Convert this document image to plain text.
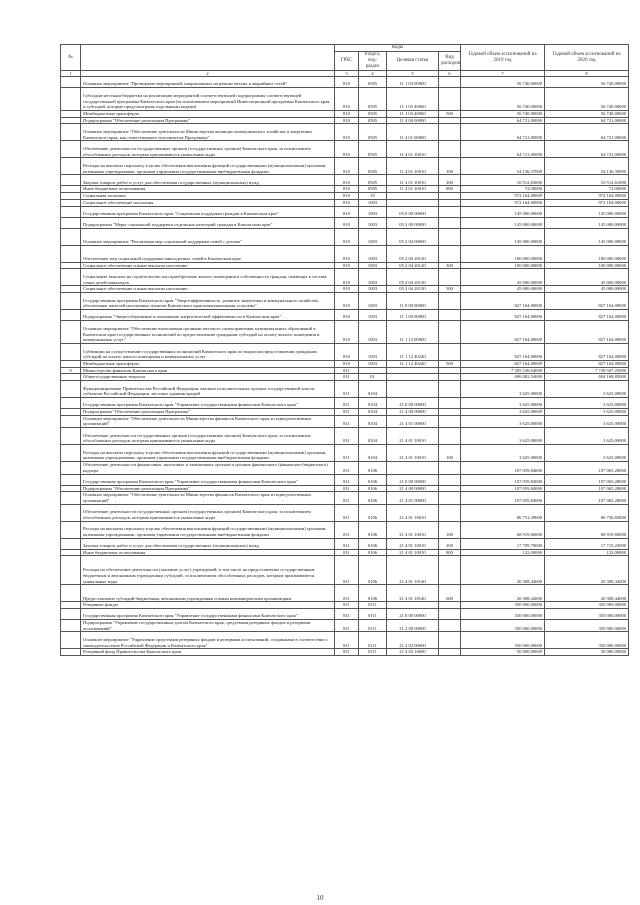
№		Коды				Годовой объем ассигнований на 2019 год	Годовой объем ассигнований на 2020 год
		ГРБС	Раздел, под-раздел	Целевая статья	Вид расходов		
1	2	3	4	5	6	7	8
	Основное мероприятие "Проведение мероприятий, направленных на ремонт ветхих и аварийных сетей"	810	0505	11 1 03 00000		56 740,00000	56 740,00000
	Субсидии местным бюджетам на реализацию мероприятий соответствующей подпрограммы соответствующей государственной программы Камчатского края (за исключением мероприятий Инвестиционной программы Камчатского края и субсидий, которые предусмотрены отдельными кодами)	810	0505	11 1 03 40060		56 740,00000	56 740,00000
	Межбюджетные трансферты	810	0505	11 1 03 40060	500	56 740,00000	56 740,00000
	Подпрограмма "Обеспечение реализации Программы"	810	0505	11 4 00 00000		64 721,00000	64 721,00000
	Основное мероприятие "Обеспечение деятельности Министерства жилищно-коммунального хозяйства и энергетики Камчатского края, как ответственного исполнителя Программы"	810	0505	11 4 01 00000		64 721,00000	64 721,00000
	Обеспечение деятельности государственных органов (государственных органов) Камчатского края, за исключением обособленных расходов, которым присваиваются уникальные коды	810	0505	11 4 01 10010		64 721,00000	64 721,00000
	Расходы на выплаты персоналу в целях обеспечения выполнения функций государственными (муниципальными) органами, казенными учреждениями, органами управления государственными внебюджетными фондами	810	0505	11 4 01 10010	100	54 136,37000	54 136,39000
	Закупка товаров, работ и услуг для обеспечения государственных (муниципальных) нужд	810	0505	11 4 01 10010	200	10 512,63000	10 512,61000
	Иные бюджетные ассигнования	810	0505	11 4 01 10010	800	72,00000	72,00000
	Социальная политика	810	10			972 164,00000	972 164,00000
	Социальное обеспечение населения	810	1003			972 164,00000	972 164,00000
	Государственная программа Камчатского края "Социальная поддержка граждан в Камчатском крае"	810	1003	05 0 00 00000		145 000,00000	145 000,00000
	Подпрограмма "Меры социальной поддержки отдельных категорий граждан в Камчатском крае"	810	1003	05 2 00 00000		145 000,00000	145 000,00000
	Основное мероприятие "Реализация мер социальной поддержки семей с детьми"	810	1003	05 2 04 00000		145 000,00000	145 000,00000
	Обеспечение мер социальной поддержки многодетных семей в Камчатском крае	810	1003	05 2 04 20120		100 000,00000	100 000,00000
	Социальное обеспечение и иные выплаты населению	810	1003	05 2 04 20120	300	100 000,00000	100 000,00000
	Социальные выплаты на строительство или приобретение жилого помещения в собственность граждан, имеющих в составе семьи детей-инвалидов	810	1003	05 2 04 20130		45 000,00000	45 000,00000
	Социальное обеспечение и иные выплаты населению	810	1003	05 2 04 20130	300	45 000,00000	45 000,00000
	Государственная программа Камчатского края "Энергоэффективность, развитие энергетики и коммунального хозяйства, обеспечение жителей населенных пунктов Камчатского края коммунальными услугами"	810	1003	11 0 00 00000		827 164,00000	827 164,00000
	Подпрограмма "Энергосбережение и повышение энергетической эффективности в Камчатском крае"	810	1003	11 1 00 00000		827 164,00000	827 164,00000
	Основное мероприятие "Обеспечение выполнения органами местного самоуправления муниципальных образований в Камчатском крае государственных полномочий по предоставлению гражданам субсидий на оплату жилого помещения и коммунальных услуг"	810	1003	11 1 12 00000		827 164,00000	827 164,00000
	Субвенции на осуществление государственных полномочий Камчатского края по вопросам предоставления гражданам субсидий на оплату жилого помещения и коммунальных услуг	810	1003	11 1 12 40240		827 164,00000	827 164,00000
	Межбюджетные трансферты	810	1003	11 1 12 40240	500	827 164,00000	827 164,00000
9	Министерство финансов Камчатского края	811				7 585 536,64000	7 728 947,25000
	Общегосударственные вопросы	811	01			690 082,54000	694 168,85000
	Функционирование Правительства Российской Федерации, высших исполнительных органов государственной власти субъектов Российской Федерации, местных администраций	811	0104			3 625,00000	3 625,00000
	Государственная программа Камчатского края "Управление государственными финансами Камчатского края"	811	0104	21 0 00 00000		3 625,00000	3 625,00000
	Подпрограмма "Обеспечение реализации Программы"	811	0104	21 4 00 00000		3 625,00000	3 625,00000
	Основное мероприятие "Обеспечение деятельности Министерства финансов Камчатского края и подведомственных организаций"	811	0104	21 4 01 00000		3 625,00000	3 625,00000
	Обеспечение деятельности государственных органов (государственных органов) Камчатского края, за исключением обособленных расходов, которым присваиваются уникальные коды	811	0104	21 4 01 10010		3 625,00000	3 625,00000
	Расходы на выплаты персоналу в целях обеспечения выполнения функций государственными (муниципальными) органами, казенными учреждениями, органами управления государственными внебюджетными фондами	811	0104	21 4 01 10010	100	3 625,00000	3 625,00000
	Обеспечение деятельности финансовых, налоговых и таможенных органов и органов финансового (финансово-бюджетного) надзора	811	0106			107 059,84000	107 065,28000
	Государственная программа Камчатского края "Управление государственными финансами Камчатского края"	811	0106	21 0 00 00000		107 059,84000	107 065,28000
	Подпрограмма "Обеспечение реализации Программы"	811	0106	21 4 00 00000		107 059,84000	107 065,28000
	Основное мероприятие "Обеспечение деятельности Министерства финансов Камчатского края и подведомственных организаций"	811	0106	21 4 01 00000		107 059,84000	107 065,28000
	Обеспечение деятельности государственных органов (государственных органов) Камчатского края, за исключением обособленных расходов, которым присваиваются уникальные коды	811	0106	21 4 01 10010		86 751,39000	86 756,83000
	Расходы на выплаты персоналу в целях обеспечения выполнения функций государственными (муниципальными) органами, казенными учреждениями, органами управления государственными внебюджетными фондами	811	0106	21 4 01 10010	100	68 919,60000	68 919,60000
	Закупка товаров, работ и услуг для обеспечения государственных (муниципальных) нужд	811	0106	21 4 01 10010	200	17 709,79000	17 715,23000
	Иные бюджетные ассигнования	811	0106	21 4 01 10010	800	122,00000	122,00000
	Расходы на обеспечение деятельности (оказание услуг) учреждений, в том числе на предоставление государственным бюджетным и автономным учреждениям субсидий, за исключением обособленных расходов, которым присваиваются уникальные коды	811	0106	21 4 01 10140		20 308,44000	20 308,44000
	Предоставление субсидий бюджетным, автономным учреждениям и иным некоммерческим организациям	811	0106	21 4 01 10140	600	20 308,44000	20 308,44000
	Резервные фонды	811	0111			350 000,00000	350 000,00000
	Государственная программа Камчатского края "Управление государственными финансами Камчатского края"	811	0111	21 0 00 00000		350 000,00000	350 000,00000
	Подпрограмма "Управление государственным долгом Камчатского края, средствами резервных фондов и резервами ассигнований"	811	0111	21 2 00 00000		350 000,00000	350 000,00000
	Основное мероприятие "Управление средствами резервных фондов и резервами ассигнований, созданными в соответствии с законодательством Российской Федерации и Камчатского края"	811	0111	21 2 02 00000		350 000,00000	350 000,00000
	Резервный фонд Правительства Камчатского края	811	0111	21 2 02 10600		50 000,00000	50 000,00000
10
